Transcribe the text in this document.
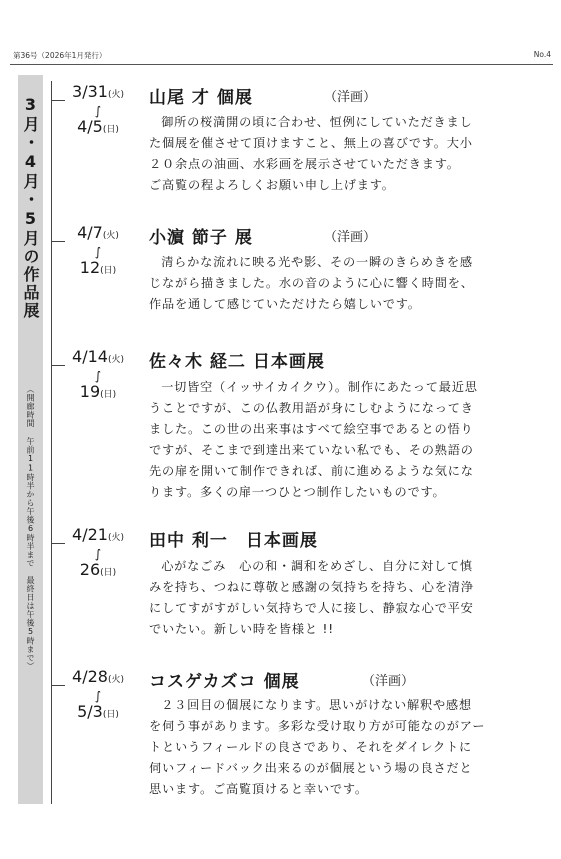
第36号（2026年1月発行）	No.4
3月・4月・5月の作品展
（開廊時間 午前11時半から午後6時半まで　最終日は午後5時まで）
3/31(火)
∫
4/5(日)
山尾 才 個展	（洋画）
御所の桜満開の頃に合わせ、恒例にしていただきまし
た個展を催させて頂けますこと、無上の喜びです。大小
２０余点の油画、水彩画を展示させていただきます。
ご高覧の程よろしくお願い申し上げます。
4/7(火)
∫
12(日)
小濵 節子 展	（洋画）
清らかな流れに映る光や影、その一瞬のきらめきを感
じながら描きました。水の音のように心に響く時間を、
作品を通して感じていただけたら嬉しいです。
4/14(火)
∫
19(日)
佐々木 経二 日本画展
一切皆空（イッサイカイクウ）。制作にあたって最近思
うことですが、この仏教用語が身にしむようになってき
ました。この世の出来事はすべて絵空事であるとの悟り
ですが、そこまで到達出来ていない私でも、その熟語の
先の扉を開いて制作できれば、前に進めるような気にな
ります。多くの扉一つひとつ制作したいものです。
4/21(火)
∫
26(日)
田中 利一　日本画展
心がなごみ　心の和・調和をめざし、自分に対して慎
みを持ち、つねに尊敬と感謝の気持ちを持ち、心を清浄
にしてすがすがしい気持ちで人に接し、静寂な心で平安
でいたい。新しい時を皆様と !!
4/28(火)
∫
5/3(日)
コスゲカズコ 個展	（洋画）
２３回目の個展になります。思いがけない解釈や感想
を伺う事があります。多彩な受け取り方が可能なのがアー
トというフィールドの良さであり、それをダイレクトに
伺いフィードバック出来るのが個展という場の良さだと
思います。ご高覧頂けると幸いです。
